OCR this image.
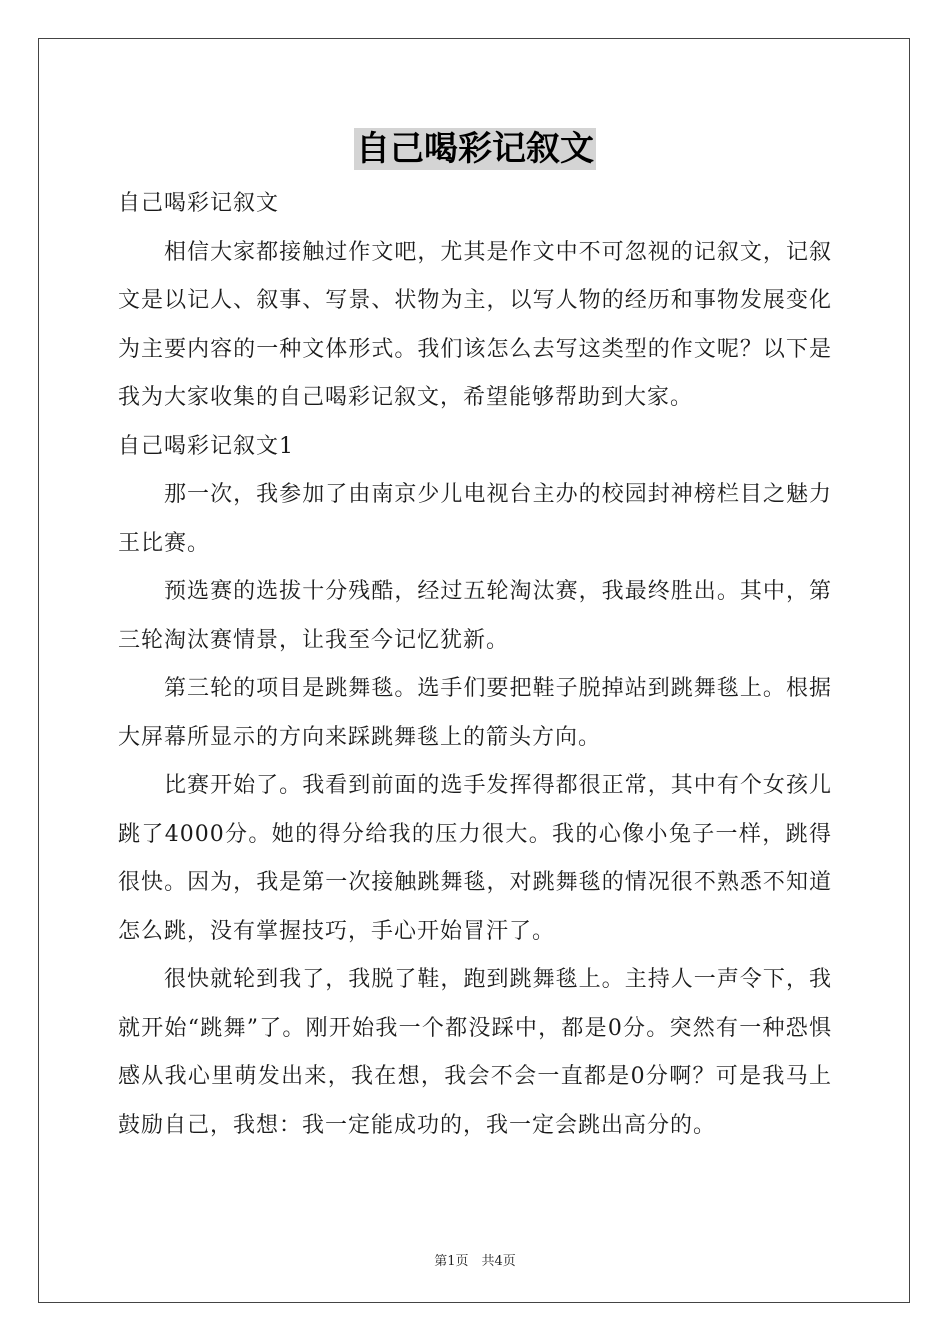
自己喝彩记叙文

自己喝彩记叙文

相信大家都接触过作文吧，尤其是作文中不可忽视的记叙文，记叙文是以记人、叙事、写景、状物为主，以写人物的经历和事物发展变化为主要内容的一种文体形式。我们该怎么去写这类型的作文呢？以下是我为大家收集的自己喝彩记叙文，希望能够帮助到大家。

自己喝彩记叙文1

那一次，我参加了由南京少儿电视台主办的校园封神榜栏目之魅力王比赛。

预选赛的选拔十分残酷，经过五轮淘汰赛，我最终胜出。其中，第三轮淘汰赛情景，让我至今记忆犹新。

第三轮的项目是跳舞毯。选手们要把鞋子脱掉站到跳舞毯上。根据大屏幕所显示的方向来踩跳舞毯上的箭头方向。

比赛开始了。我看到前面的选手发挥得都很正常，其中有个女孩儿跳了4000分。她的得分给我的压力很大。我的心像小兔子一样，跳得很快。因为，我是第一次接触跳舞毯，对跳舞毯的情况很不熟悉不知道怎么跳，没有掌握技巧，手心开始冒汗了。

很快就轮到我了，我脱了鞋，跑到跳舞毯上。主持人一声令下，我就开始“跳舞”了。刚开始我一个都没踩中，都是0分。突然有一种恐惧感从我心里萌发出来，我在想，我会不会一直都是0分啊？可是我马上鼓励自己，我想：我一定能成功的，我一定会跳出高分的。

第1页　共4页
